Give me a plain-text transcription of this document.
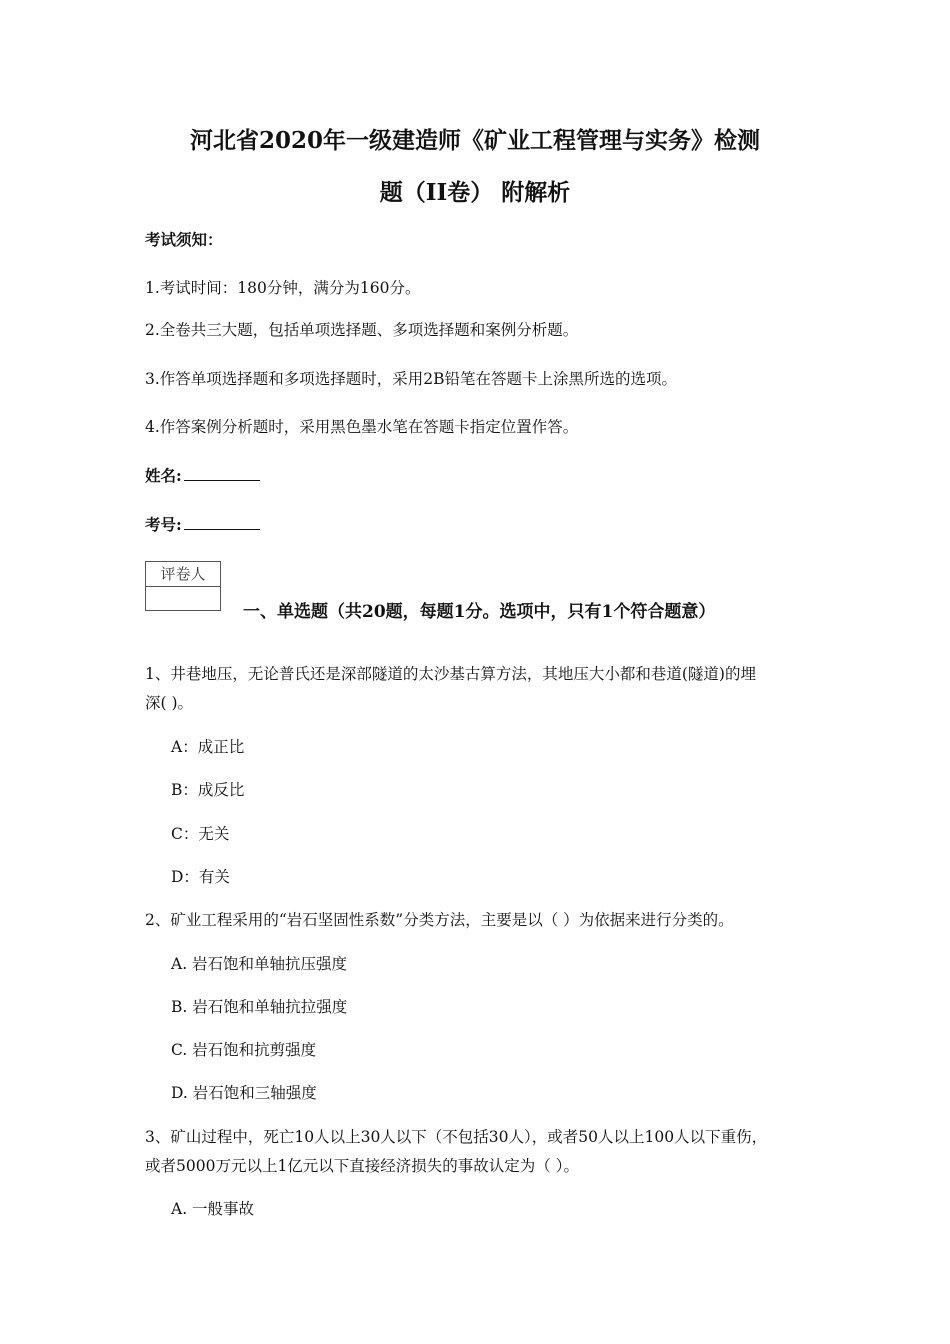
河北省2020年一级建造师《矿业工程管理与实务》检测
题（II卷） 附解析
考试须知：
1.考试时间：180分钟，满分为160分。
2.全卷共三大题，包括单项选择题、多项选择题和案例分析题。
3.作答单项选择题和多项选择题时，采用2B铅笔在答题卡上涂黑所选的选项。
4.作答案例分析题时，采用黑色墨水笔在答题卡指定位置作答。
姓名:
考号:
评卷人
一、单选题（共20题，每题1分。选项中，只有1个符合题意）
1、井巷地压，无论普氏还是深部隧道的太沙基古算方法，其地压大小都和巷道(隧道)的埋
深( )。
A：成正比
B：成反比
C：无关
D：有关
2、矿业工程采用的“岩石坚固性系数”分类方法，主要是以（ ）为依据来进行分类的。
A. 岩石饱和单轴抗压强度
B. 岩石饱和单轴抗拉强度
C. 岩石饱和抗剪强度
D. 岩石饱和三轴强度
3、矿山过程中，死亡10人以上30人以下（不包括30人），或者50人以上100人以下重伤，
或者5000万元以上1亿元以下直接经济损失的事故认定为（ ）。
A. 一般事故
